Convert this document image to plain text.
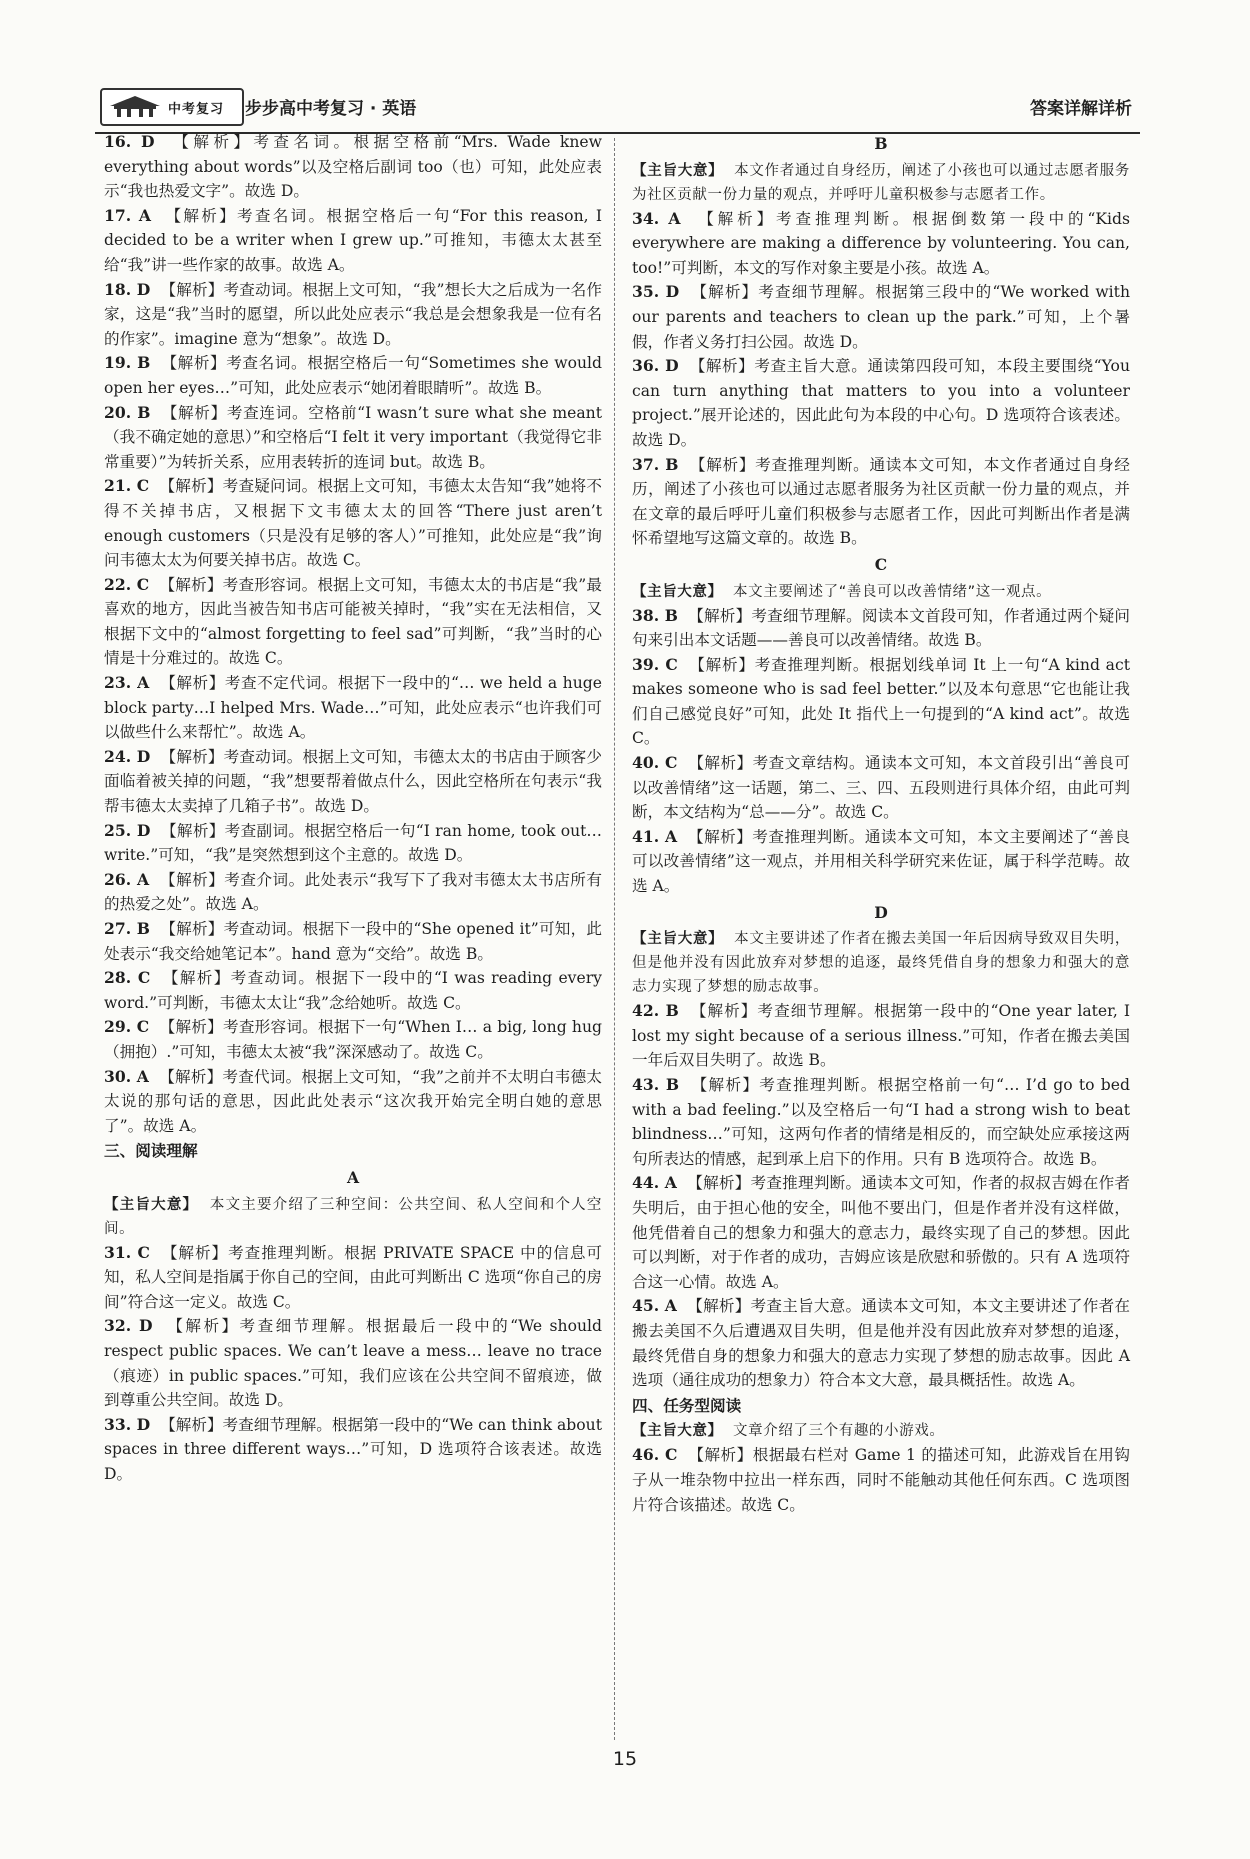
中考复习 步步高中考复习 · 英语	答案详解详析

16. D 【解析】考查名词。根据空格前“Mrs. Wade knew everything about words”以及空格后副词 too（也）可知，此处应表示“我也热爱文字”。故选 D。

17. A 【解析】考查名词。根据空格后一句“For this reason, I decided to be a writer when I grew up.”可推知，韦德太太甚至给“我”讲一些作家的故事。故选 A。

18. D 【解析】考查动词。根据上文可知，“我”想长大之后成为一名作家，这是“我”当时的愿望，所以此处应表示“我总是会想象我是一位有名的作家”。imagine 意为“想象”。故选 D。

19. B 【解析】考查名词。根据空格后一句“Sometimes she would open her eyes…”可知，此处应表示“她闭着眼睛听”。故选 B。

20. B 【解析】考查连词。空格前“I wasn’t sure what she meant（我不确定她的意思）”和空格后“I felt it very important（我觉得它非常重要）”为转折关系，应用表转折的连词 but。故选 B。

21. C 【解析】考查疑问词。根据上文可知，韦德太太告知“我”她将不得不关掉书店，又根据下文韦德太太的回答“There just aren’t enough customers（只是没有足够的客人）”可推知，此处应是“我”询问韦德太太为何要关掉书店。故选 C。

22. C 【解析】考查形容词。根据上文可知，韦德太太的书店是“我”最喜欢的地方，因此当被告知书店可能被关掉时，“我”实在无法相信，又根据下文中的“almost forgetting to feel sad”可判断，“我”当时的心情是十分难过的。故选 C。

23. A 【解析】考查不定代词。根据下一段中的“… we held a huge block party…I helped Mrs. Wade…”可知，此处应表示“也许我们可以做些什么来帮忙”。故选 A。

24. D 【解析】考查动词。根据上文可知，韦德太太的书店由于顾客少面临着被关掉的问题，“我”想要帮着做点什么，因此空格所在句表示“我帮韦德太太卖掉了几箱子书”。故选 D。

25. D 【解析】考查副词。根据空格后一句“I ran home, took out… write.”可知，“我”是突然想到这个主意的。故选 D。

26. A 【解析】考查介词。此处表示“我写下了我对韦德太太书店所有的热爱之处”。故选 A。

27. B 【解析】考查动词。根据下一段中的“She opened it”可知，此处表示“我交给她笔记本”。hand 意为“交给”。故选 B。

28. C 【解析】考查动词。根据下一段中的“I was reading every word.”可判断，韦德太太让“我”念给她听。故选 C。

29. C 【解析】考查形容词。根据下一句“When I… a big, long hug（拥抱）.”可知，韦德太太被“我”深深感动了。故选 C。

30. A 【解析】考查代词。根据上文可知，“我”之前并不太明白韦德太太说的那句话的意思，因此此处表示“这次我开始完全明白她的意思了”。故选 A。

三、阅读理解
A
【主旨大意】 本文主要介绍了三种空间：公共空间、私人空间和个人空间。

31. C 【解析】考查推理判断。根据 PRIVATE SPACE 中的信息可知，私人空间是指属于你自己的空间，由此可判断出 C 选项“你自己的房间”符合这一定义。故选 C。

32. D 【解析】考查细节理解。根据最后一段中的“We should respect public spaces. We can’t leave a mess… leave no trace（痕迹）in public spaces.”可知，我们应该在公共空间不留痕迹，做到尊重公共空间。故选 D。

33. D 【解析】考查细节理解。根据第一段中的“We can think about spaces in three different ways…”可知，D 选项符合该表述。故选 D。

B
【主旨大意】 本文作者通过自身经历，阐述了小孩也可以通过志愿者服务为社区贡献一份力量的观点，并呼吁儿童积极参与志愿者工作。

34. A 【解析】考查推理判断。根据倒数第一段中的“Kids everywhere are making a difference by volunteering. You can, too!”可判断，本文的写作对象主要是小孩。故选 A。

35. D 【解析】考查细节理解。根据第三段中的“We worked with our parents and teachers to clean up the park.”可知，上个暑假，作者义务打扫公园。故选 D。

36. D 【解析】考查主旨大意。通读第四段可知，本段主要围绕“You can turn anything that matters to you into a volunteer project.”展开论述的，因此此句为本段的中心句。D 选项符合该表述。故选 D。

37. B 【解析】考查推理判断。通读本文可知，本文作者通过自身经历，阐述了小孩也可以通过志愿者服务为社区贡献一份力量的观点，并在文章的最后呼吁儿童们积极参与志愿者工作，因此可判断出作者是满怀希望地写这篇文章的。故选 B。

C
【主旨大意】 本文主要阐述了“善良可以改善情绪”这一观点。

38. B 【解析】考查细节理解。阅读本文首段可知，作者通过两个疑问句来引出本文话题——善良可以改善情绪。故选 B。

39. C 【解析】考查推理判断。根据划线单词 It 上一句“A kind act makes someone who is sad feel better.”以及本句意思“它也能让我们自己感觉良好”可知，此处 It 指代上一句提到的“A kind act”。故选 C。

40. C 【解析】考查文章结构。通读本文可知，本文首段引出“善良可以改善情绪”这一话题，第二、三、四、五段则进行具体介绍，由此可判断，本文结构为“总——分”。故选 C。

41. A 【解析】考查推理判断。通读本文可知，本文主要阐述了“善良可以改善情绪”这一观点，并用相关科学研究来佐证，属于科学范畴。故选 A。

D
【主旨大意】 本文主要讲述了作者在搬去美国一年后因病导致双目失明，但是他并没有因此放弃对梦想的追逐，最终凭借自身的想象力和强大的意志力实现了梦想的励志故事。

42. B 【解析】考查细节理解。根据第一段中的“One year later, I lost my sight because of a serious illness.”可知，作者在搬去美国一年后双目失明了。故选 B。

43. B 【解析】考查推理判断。根据空格前一句“… I’d go to bed with a bad feeling.”以及空格后一句“I had a strong wish to beat blindness…”可知，这两句作者的情绪是相反的，而空缺处应承接这两句所表达的情感，起到承上启下的作用。只有 B 选项符合。故选 B。

44. A 【解析】考查推理判断。通读本文可知，作者的叔叔吉姆在作者失明后，由于担心他的安全，叫他不要出门，但是作者并没有这样做，他凭借着自己的想象力和强大的意志力，最终实现了自己的梦想。因此可以判断，对于作者的成功，吉姆应该是欣慰和骄傲的。只有 A 选项符合这一心情。故选 A。

45. A 【解析】考查主旨大意。通读本文可知，本文主要讲述了作者在搬去美国不久后遭遇双目失明，但是他并没有因此放弃对梦想的追逐，最终凭借自身的想象力和强大的意志力实现了梦想的励志故事。因此 A 选项（通往成功的想象力）符合本文大意，最具概括性。故选 A。

四、任务型阅读
【主旨大意】 文章介绍了三个有趣的小游戏。

46. C 【解析】根据最右栏对 Game 1 的描述可知，此游戏旨在用钩子从一堆杂物中拉出一样东西，同时不能触动其他任何东西。C 选项图片符合该描述。故选 C。

15
